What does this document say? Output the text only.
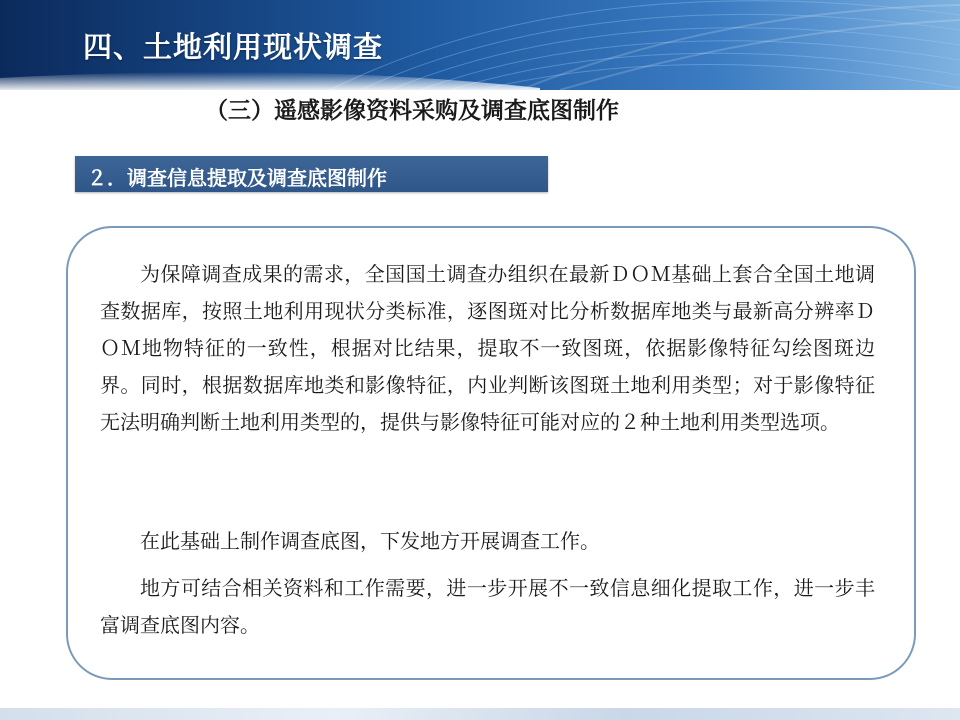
四、土地利用现状调查
（三）遥感影像资料采购及调查底图制作
２．调查信息提取及调查底图制作

为保障调查成果的需求，全国国土调查办组织在最新ＤＯＭ基础上套合全国土地调查数据库，按照土地利用现状分类标准，逐图斑对比分析数据库地类与最新高分辨率ＤＯＭ地物特征的一致性，根据对比结果，提取不一致图斑，依据影像特征勾绘图斑边界。同时，根据数据库地类和影像特征，内业判断该图斑土地利用类型；对于影像特征无法明确判断土地利用类型的，提供与影像特征可能对应的２种土地利用类型选项。

在此基础上制作调查底图，下发地方开展调查工作。

地方可结合相关资料和工作需要，进一步开展不一致信息细化提取工作，进一步丰富调查底图内容。
